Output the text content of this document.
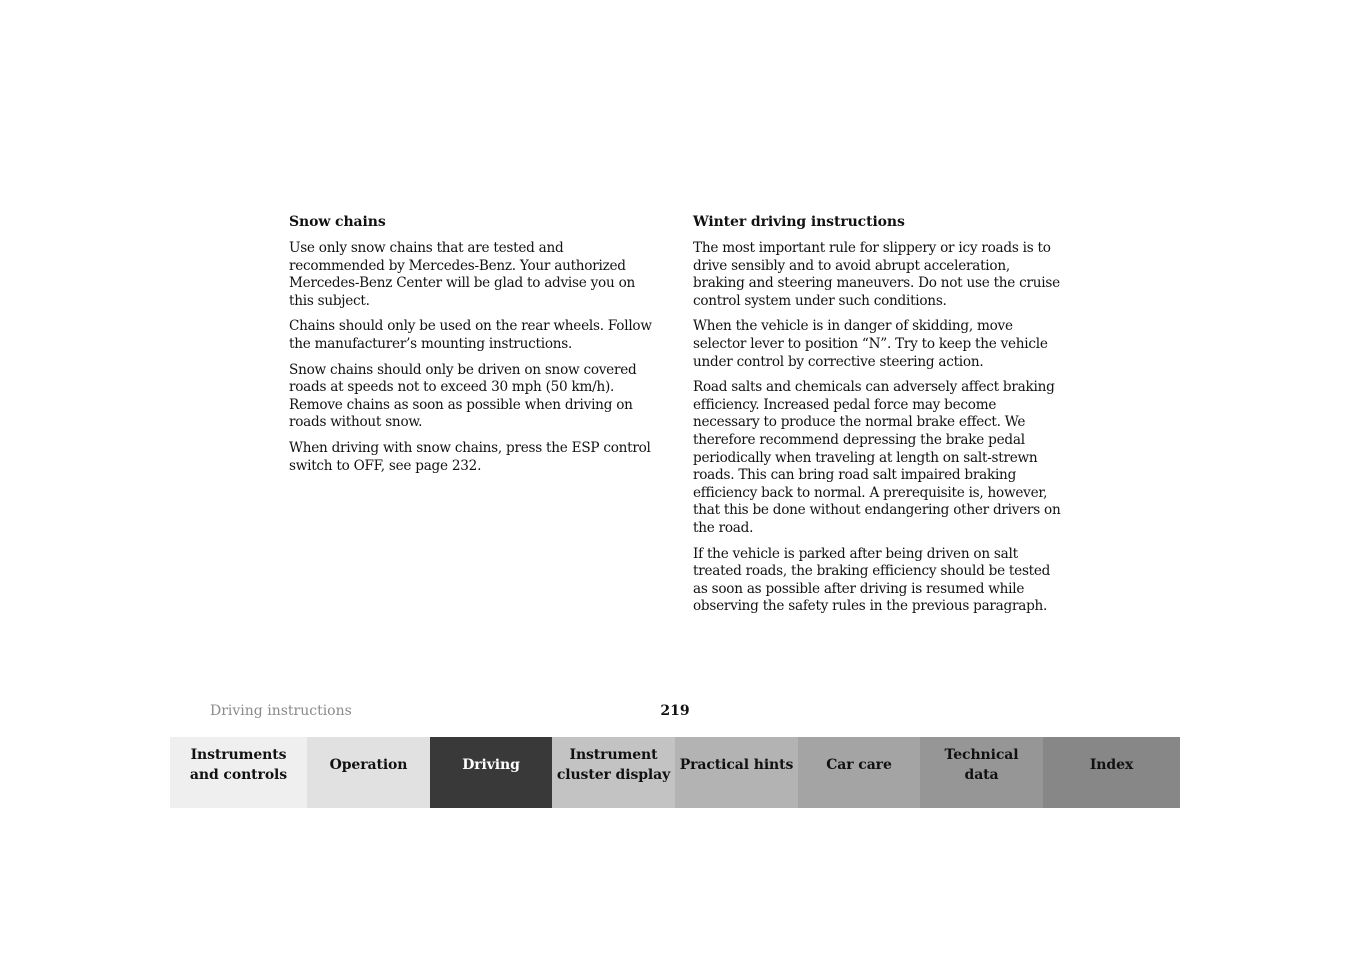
Snow chains

Use only snow chains that are tested and recommended by Mercedes-Benz. Your authorized Mercedes-Benz Center will be glad to advise you on this subject.

Chains should only be used on the rear wheels. Follow the manufacturer’s mounting instructions.

Snow chains should only be driven on snow covered roads at speeds not to exceed 30 mph (50 km/h). Remove chains as soon as possible when driving on roads without snow.

When driving with snow chains, press the ESP control switch to OFF, see page 232.

Winter driving instructions

The most important rule for slippery or icy roads is to drive sensibly and to avoid abrupt acceleration, braking and steering maneuvers. Do not use the cruise control system under such conditions.

When the vehicle is in danger of skidding, move selector lever to position “N”. Try to keep the vehicle under control by corrective steering action.

Road salts and chemicals can adversely affect braking efficiency. Increased pedal force may become necessary to produce the normal brake effect. We therefore recommend depressing the brake pedal periodically when traveling at length on salt-strewn roads. This can bring road salt impaired braking efficiency back to normal. A prerequisite is, however, that this be done without endangering other drivers on the road.

If the vehicle is parked after being driven on salt treated roads, the braking efficiency should be tested as soon as possible after driving is resumed while observing the safety rules in the previous paragraph.

Driving instructions	219
Instruments
and controls
Operation	Driving
Instrument
cluster display
Practical hints	Car care
Technical
data
Index
